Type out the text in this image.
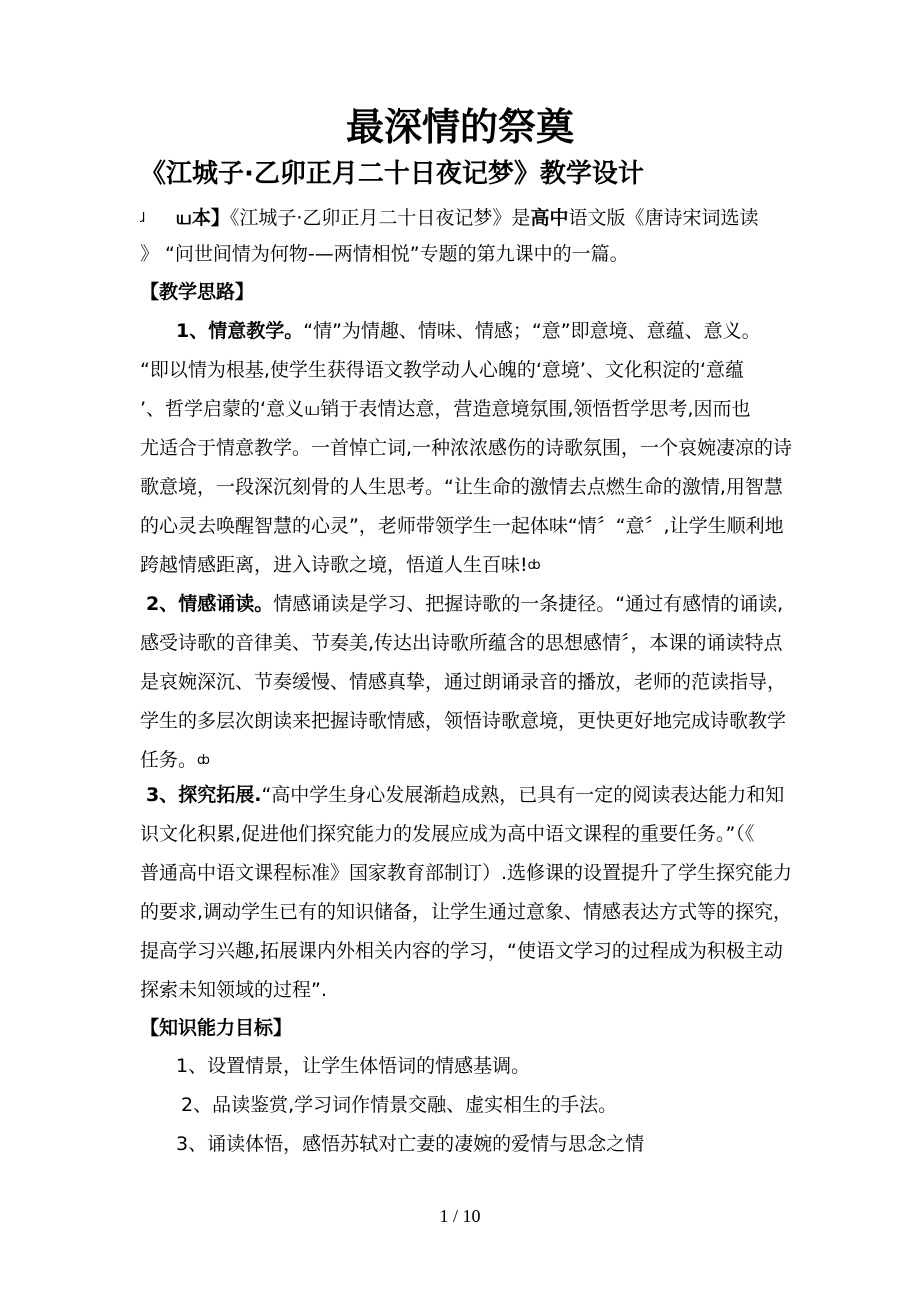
最深情的祭奠
《江城子·乙卯正月二十日夜记梦》教学设计
ɺ ய本】《江城子·乙卯正月二十日夜记梦》是高中语文版《唐诗宋词选读
》 “问世间情为何物-—两情相悦”专题的第九课中的一篇。
【教学思路】
1、情意教学。“情”为情趣、情味、情感；“意”即意境、意蕴、意义。
“即以情为根基,使学生获得语文教学动人心魄的‘意境’、文化积淀的‘意蕴
’、哲学启蒙的‘意义ய销于表情达意，营造意境氛围,领悟哲学思考,因而也
尤适合于情意教学。一首悼亡词,一种浓浓感伤的诗歌氛围，一个哀婉凄凉的诗
歌意境，一段深沉刻骨的人生思考。“让生命的激情去点燃生命的激情,用智慧
的心灵去唤醒智慧的心灵”，老师带领学生一起体味“情〞“意〞,让学生顺利地
跨越情感距离，进入诗歌之境，悟道人生百味!ȸ
2、情感诵读。情感诵读是学习、把握诗歌的一条捷径。“通过有感情的诵读,
感受诗歌的音律美、节奏美,传达出诗歌所蕴含的思想感情〞，本课的诵读特点
是哀婉深沉、节奏缓慢、情感真挚，通过朗诵录音的播放，老师的范读指导，
学生的多层次朗读来把握诗歌情感，领悟诗歌意境，更快更好地完成诗歌教学
任务。ȸ
3、探究拓展.“高中学生身心发展渐趋成熟，已具有一定的阅读表达能力和知
识文化积累,促进他们探究能力的发展应成为高中语文课程的重要任务。”（《
普通高中语文课程标准》国家教育部制订）.选修课的设置提升了学生探究能力
的要求,调动学生已有的知识储备，让学生通过意象、情感表达方式等的探究，
提高学习兴趣,拓展课内外相关内容的学习，“使语文学习的过程成为积极主动
探索未知领域的过程”.
【知识能力目标】
1、设置情景，让学生体悟词的情感基调。
2、品读鉴赏,学习词作情景交融、虚实相生的手法。
3、诵读体悟，感悟苏轼对亡妻的凄婉的爱情与思念之情
1 / 10
